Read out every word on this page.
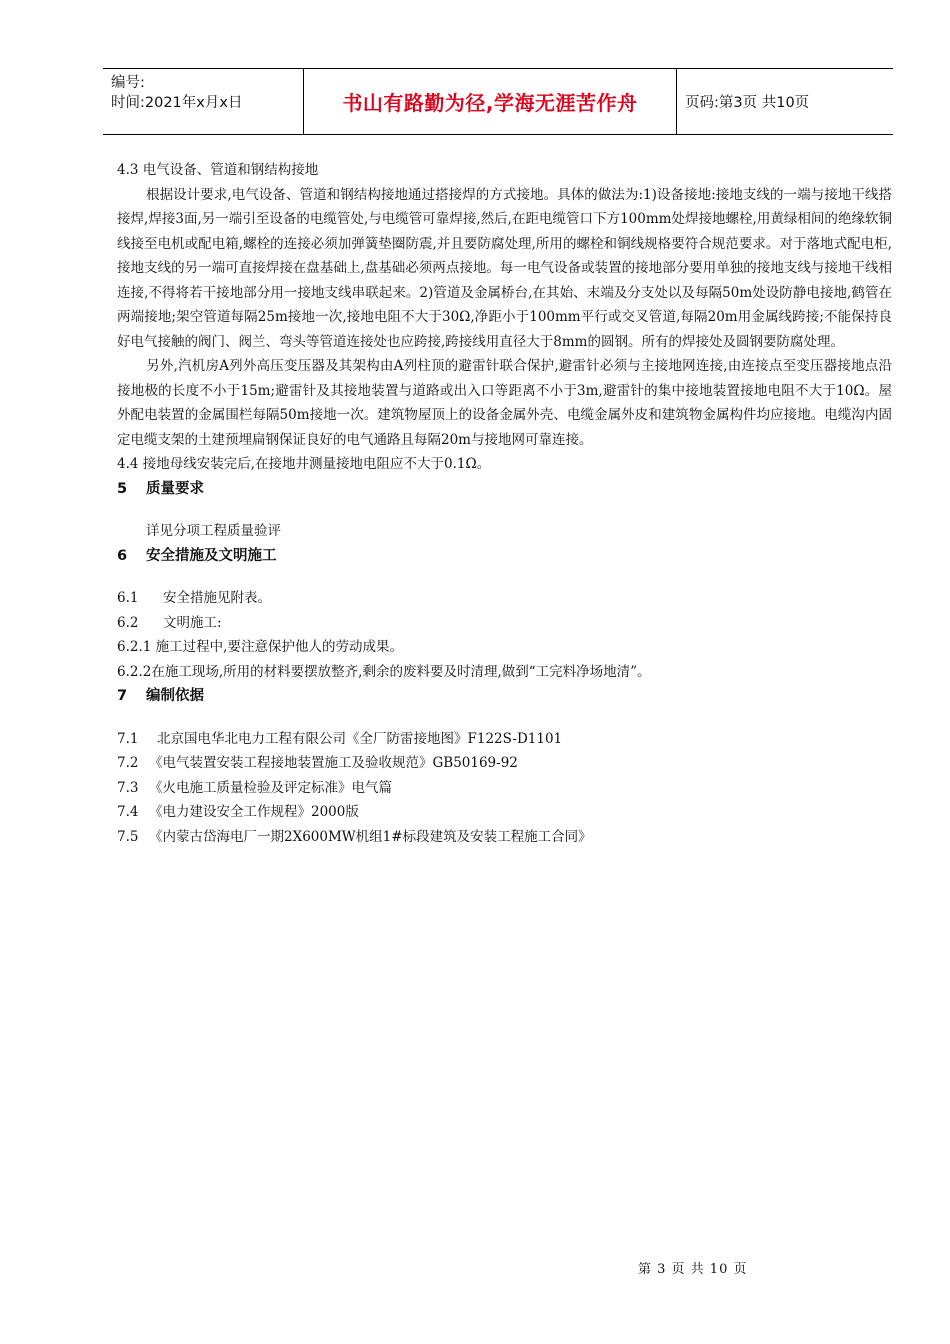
编号:
时间:2021年x月x日	书山有路勤为径,学海无涯苦作舟	页码:第3页 共10页
4.3 电气设备、管道和钢结构接地
根据设计要求,电气设备、管道和钢结构接地通过搭接焊的方式接地。具体的做法为:1)设备接地:接地支线的一端与接地干线搭接焊,焊接3面,另一端引至设备的电缆管处,与电缆管可靠焊接,然后,在距电缆管口下方100mm处焊接地螺栓,用黄绿相间的绝缘软铜线接至电机或配电箱,螺栓的连接必须加弹簧垫圈防震,并且要防腐处理,所用的螺栓和铜线规格要符合规范要求。对于落地式配电柜,接地支线的另一端可直接焊接在盘基础上,盘基础必须两点接地。每一电气设备或装置的接地部分要用单独的接地支线与接地干线相连接,不得将若干接地部分用一接地支线串联起来。2)管道及金属桥台,在其始、末端及分支处以及每隔50m处设防静电接地,鹤管在两端接地;架空管道每隔25m接地一次,接地电阻不大于30Ω,净距小于100mm平行或交叉管道,每隔20m用金属线跨接;不能保持良好电气接触的阀门、阀兰、弯头等管道连接处也应跨接,跨接线用直径大于8mm的圆钢。所有的焊接处及圆钢要防腐处理。
另外,汽机房A列外高压变压器及其架构由A列柱顶的避雷针联合保护,避雷针必须与主接地网连接,由连接点至变压器接地点沿接地极的长度不小于15m;避雷针及其接地装置与道路或出入口等距离不小于3m,避雷针的集中接地装置接地电阻不大于10Ω。屋外配电装置的金属围栏每隔50m接地一次。建筑物屋顶上的设备金属外壳、电缆金属外皮和建筑物金属构件均应接地。电缆沟内固定电缆支架的土建预埋扁钢保证良好的电气通路且每隔20m与接地网可靠连接。
4.4 接地母线安装完后,在接地井测量接地电阻应不大于0.1Ω。
5 质量要求
详见分项工程质量验评
6 安全措施及文明施工
6.1 安全措施见附表。
6.2 文明施工:
6.2.1 施工过程中,要注意保护他人的劳动成果。
6.2.2在施工现场,所用的材料要摆放整齐,剩余的废料要及时清理,做到“工完料净场地清”。
7 编制依据
7.1 北京国电华北电力工程有限公司《全厂防雷接地图》F122S-D1101
7.2 《电气装置安装工程接地装置施工及验收规范》GB50169-92
7.3 《火电施工质量检验及评定标准》电气篇
7.4 《电力建设安全工作规程》2000版
7.5 《内蒙古岱海电厂一期2X600MW机组1#标段建筑及安装工程施工合同》
第 3 页 共 10 页
